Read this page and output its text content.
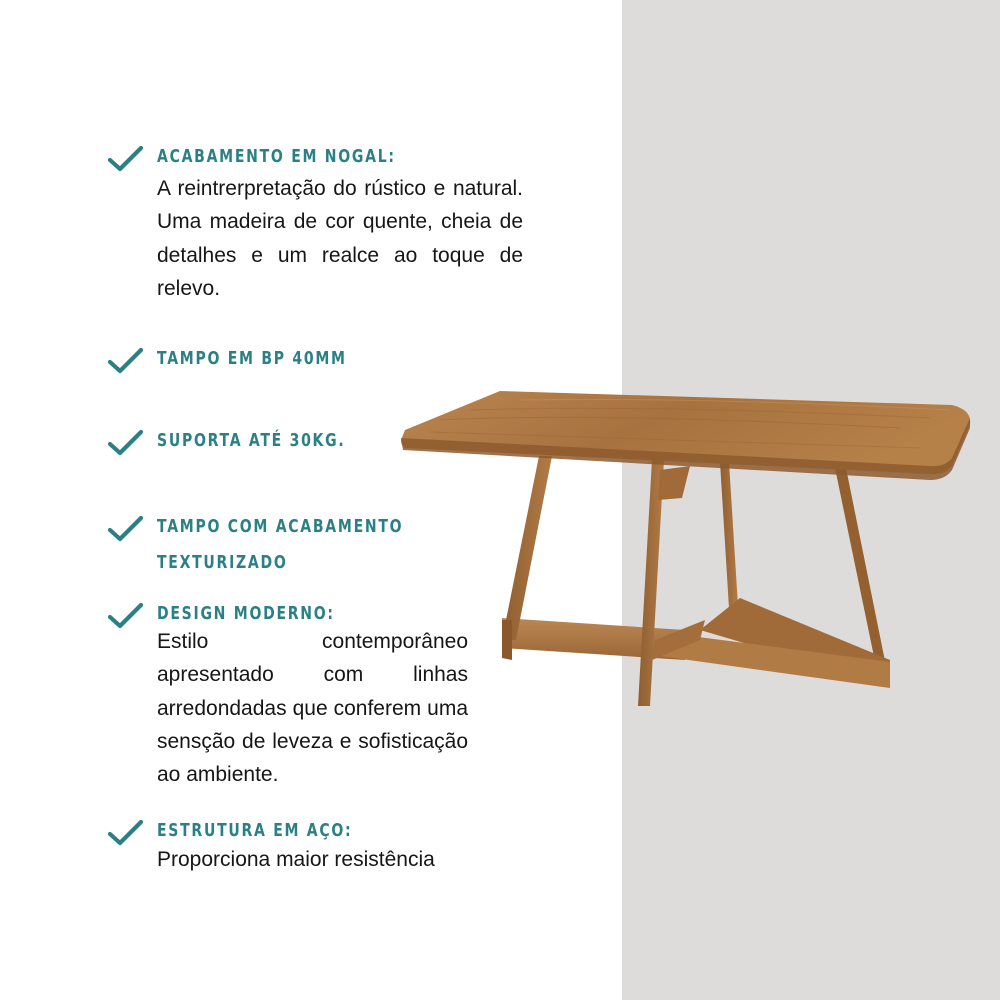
ACABAMENTO EM NOGAL:
A reintrerpretação do rústico e natural. Uma madeira de cor quente, cheia de detalhes e um realce ao toque de relevo.
TAMPO EM BP 40MM
SUPORTA ATÉ 30KG.
TAMPO COM ACABAMENTO
TEXTURIZADO
DESIGN MODERNO:
Estilo contemporâneo apresentado com linhas arredondadas que conferem uma sensção de leveza e sofisticação ao ambiente.
ESTRUTURA EM AÇO:
Proporciona maior resistência
